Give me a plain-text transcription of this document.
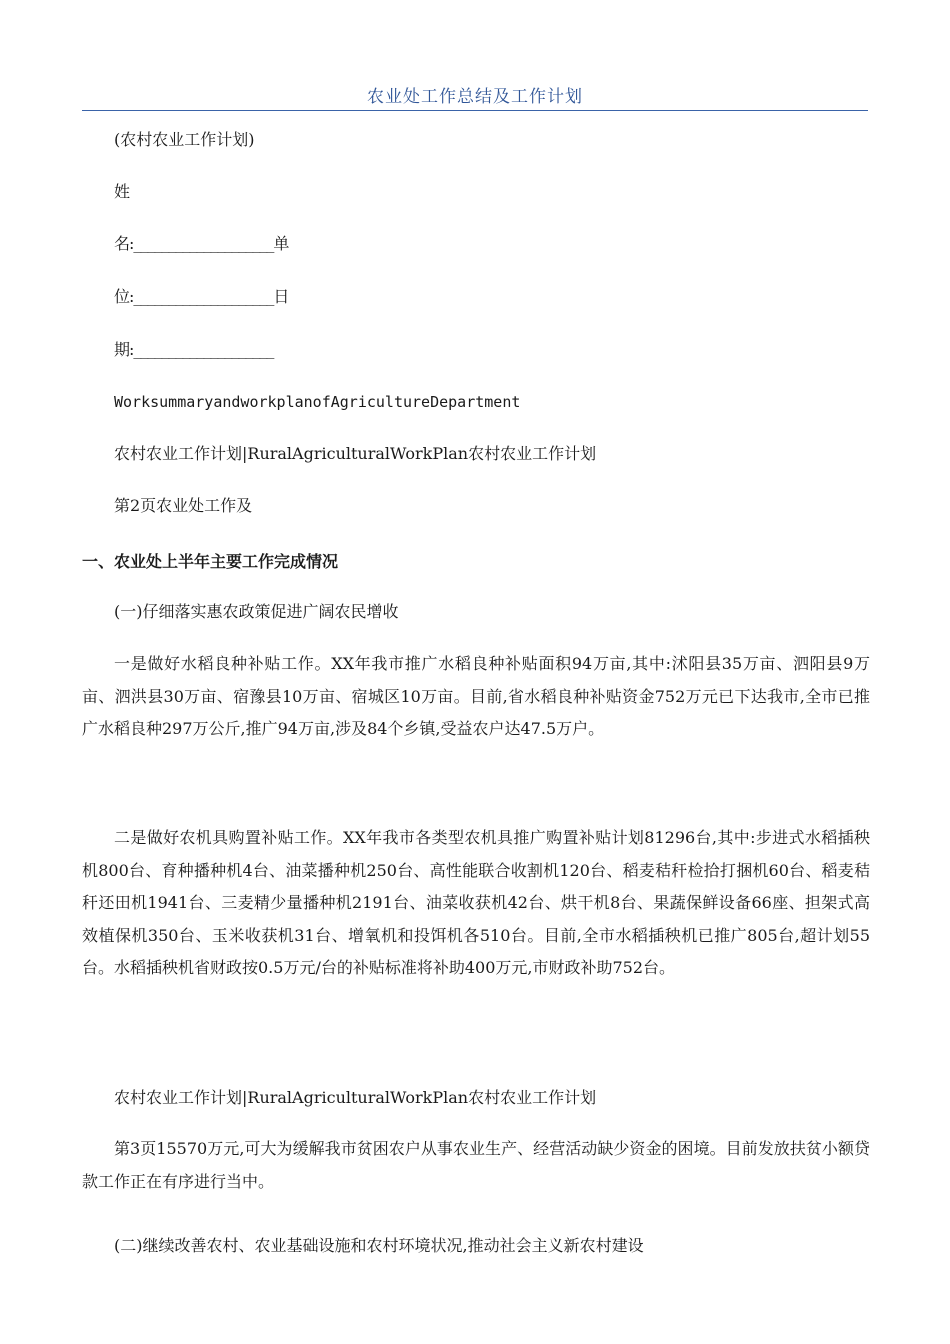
农业处工作总结及工作计划
(农村农业工作计划)
姓
名:____________________单
位:____________________日
期:____________________
WorksummaryandworkplanofAgricultureDepartment
农村农业工作计划|RuralAgriculturalWorkPlan农村农业工作计划
第2页农业处工作及
一、农业处上半年主要工作完成情况
(一)仔细落实惠农政策促进广阔农民增收
一是做好水稻良种补贴工作。XX年我市推广水稻良种补贴面积94万亩,其中:沭阳县35万亩、泗阳县9万亩、泗洪县30万亩、宿豫县10万亩、宿城区10万亩。目前,省水稻良种补贴资金752万元已下达我市,全市已推广水稻良种297万公斤,推广94万亩,涉及84个乡镇,受益农户达47.5万户。
二是做好农机具购置补贴工作。XX年我市各类型农机具推广购置补贴计划81296台,其中:步进式水稻插秧机800台、育种播种机4台、油菜播种机250台、高性能联合收割机120台、稻麦秸秆检拾打捆机60台、稻麦秸秆还田机1941台、三麦精少量播种机2191台、油菜收获机42台、烘干机8台、果蔬保鲜设备66座、担架式高效植保机350台、玉米收获机31台、增氧机和投饵机各510台。目前,全市水稻插秧机已推广805台,超计划55台。水稻插秧机省财政按0.5万元/台的补贴标准将补助400万元,市财政补助752台。
农村农业工作计划|RuralAgriculturalWorkPlan农村农业工作计划
第3页15570万元,可大为缓解我市贫困农户从事农业生产、经营活动缺少资金的困境。目前发放扶贫小额贷款工作正在有序进行当中。
(二)继续改善农村、农业基础设施和农村环境状况,推动社会主义新农村建设
